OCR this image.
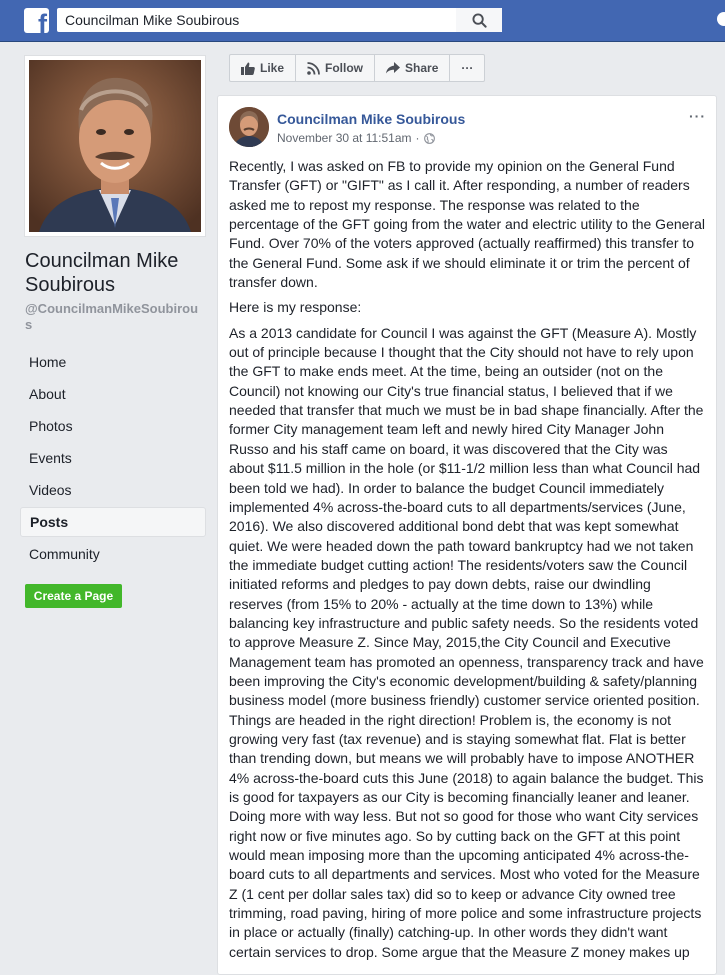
f
Councilman Mike Soubirous
Councilman Mike Soubirous
@CouncilmanMikeSoubirous
Home
About
Photos
Events
Videos
Posts
Community
Create a Page
Like	Follow	Share ···
Councilman Mike Soubirous
November 30 at 11:51am ·
···

Recently, I was asked on FB to provide my opinion on the General Fund Transfer (GFT) or "GIFT" as I call it. After responding, a number of readers asked me to repost my response. The response was related to the percentage of the GFT going from the water and electric utility to the General Fund. Over 70% of the voters approved (actually reaffirmed) this transfer to the General Fund. Some ask if we should eliminate it or trim the percent of transfer down.

Here is my response:

As a 2013 candidate for Council I was against the GFT (Measure A). Mostly out of principle because I thought that the City should not have to rely upon the GFT to make ends meet. At the time, being an outsider (not on the Council) not knowing our City's true financial status, I believed that if we needed that transfer that much we must be in bad shape financially. After the former City management team left and newly hired City Manager John Russo and his staff came on board, it was discovered that the City was about $11.5 million in the hole (or $11-1/2 million less than what Council had been told we had). In order to balance the budget Council immediately implemented 4% across-the-board cuts to all departments/services (June, 2016). We also discovered additional bond debt that was kept somewhat quiet. We were headed down the path toward bankruptcy had we not taken the immediate budget cutting action! The residents/voters saw the Council initiated reforms and pledges to pay down debts, raise our dwindling reserves (from 15% to 20% - actually at the time down to 13%) while balancing key infrastructure and public safety needs. So the residents voted to approve Measure Z. Since May, 2015,the City Council and Executive Management team has promoted an openness, transparency track and have been improving the City's economic development/building & safety/planning business model (more business friendly) customer service oriented position. Things are headed in the right direction! Problem is, the economy is not growing very fast (tax revenue) and is staying somewhat flat. Flat is better than trending down, but means we will probably have to impose ANOTHER 4% across-the-board cuts this June (2018) to again balance the budget. This is good for taxpayers as our City is becoming financially leaner and leaner. Doing more with way less. But not so good for those who want City services right now or five minutes ago. So by cutting back on the GFT at this point would mean imposing more than the upcoming anticipated 4% across-the-board cuts to all departments and services. Most who voted for the Measure Z (1 cent per dollar sales tax) did so to keep or advance City owned tree trimming, road paving, hiring of more police and some infrastructure projects in place or actually (finally) catching-up. In other words they didn't want certain services to drop. Some argue that the Measure Z money makes up
